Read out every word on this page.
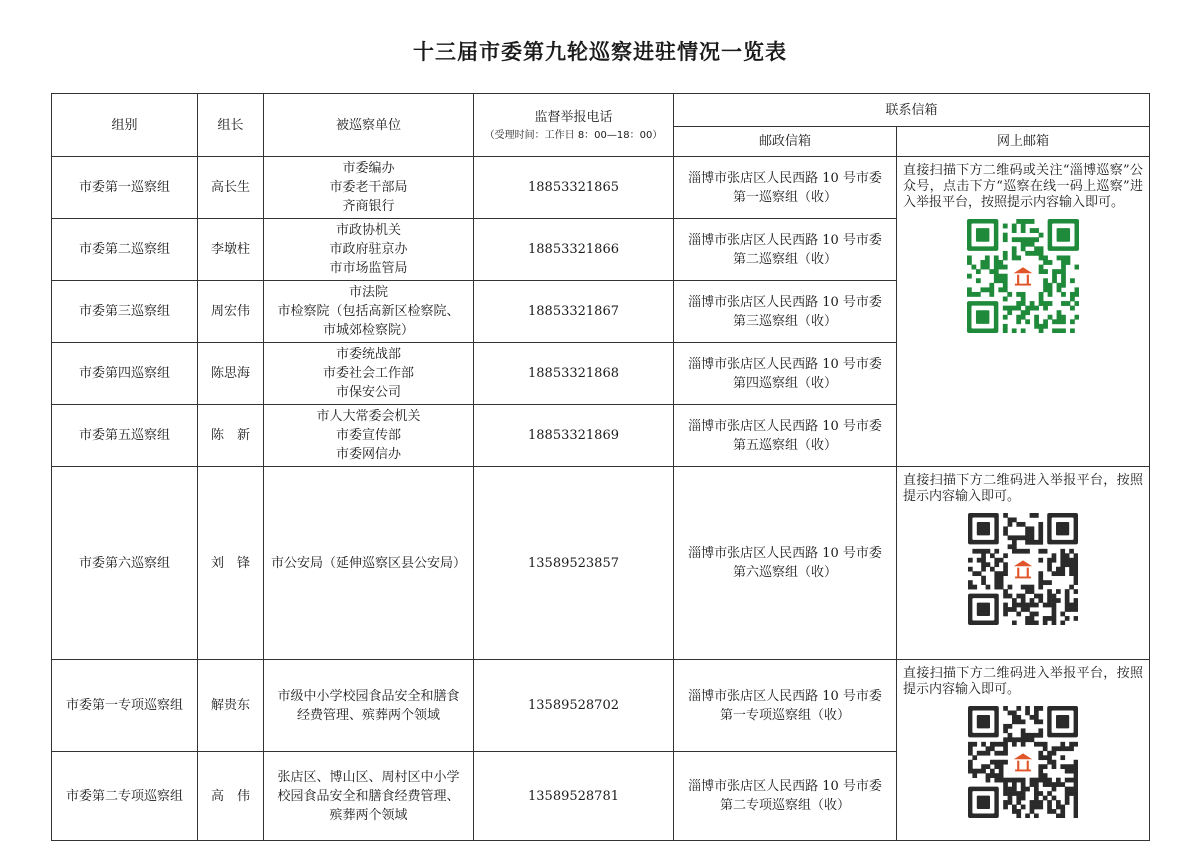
十三届市委第九轮巡察进驻情况一览表
组别	组长	被巡察单位	监督举报电话
（受理时间：工作日 8：00—18：00）	联系信箱	
				邮政信箱	网上邮箱
市委第一巡察组	高长生	市委编办
市委老干部局
齐商银行	18853321865	淄博市张店区人民西路 10 号市委
第一巡察组（收）	直接扫描下方二维码或关注“淄博巡察”公众号，点击下方“巡察在线一码上巡察”进入举报平台，按照提示内容输入即可。

市委第二巡察组	李墩柱	市政协机关
市政府驻京办
市市场监管局	18853321866	淄博市张店区人民西路 10 号市委
第二巡察组（收）	

市委第三巡察组	周宏伟	市法院
市检察院（包括高新区检察院、
市城郊检察院）	18853321867	淄博市张店区人民西路 10 号市委
第三巡察组（收）	

市委第四巡察组	陈思海	市委统战部
市委社会工作部
市保安公司	18853321868	淄博市张店区人民西路 10 号市委
第四巡察组（收）	

市委第五巡察组	陈　新	市人大常委会机关
市委宣传部
市委网信办	18853321869	淄博市张店区人民西路 10 号市委
第五巡察组（收）	

市委第六巡察组	刘　锋	市公安局（延伸巡察区县公安局）	13589523857	淄博市张店区人民西路 10 号市委
第六巡察组（收）	直接扫描下方二维码进入举报平台，按照提示内容输入即可。

市委第一专项巡察组	解贵东	市级中小学校园食品安全和膳食
经费管理、殡葬两个领域	13589528702	淄博市张店区人民西路 10 号市委
第一专项巡察组（收）	直接扫描下方二维码进入举报平台，按照提示内容输入即可。

市委第二专项巡察组	高　伟	张店区、博山区、周村区中小学
校园食品安全和膳食经费管理、
殡葬两个领域	13589528781	淄博市张店区人民西路 10 号市委
第二专项巡察组（收）	
